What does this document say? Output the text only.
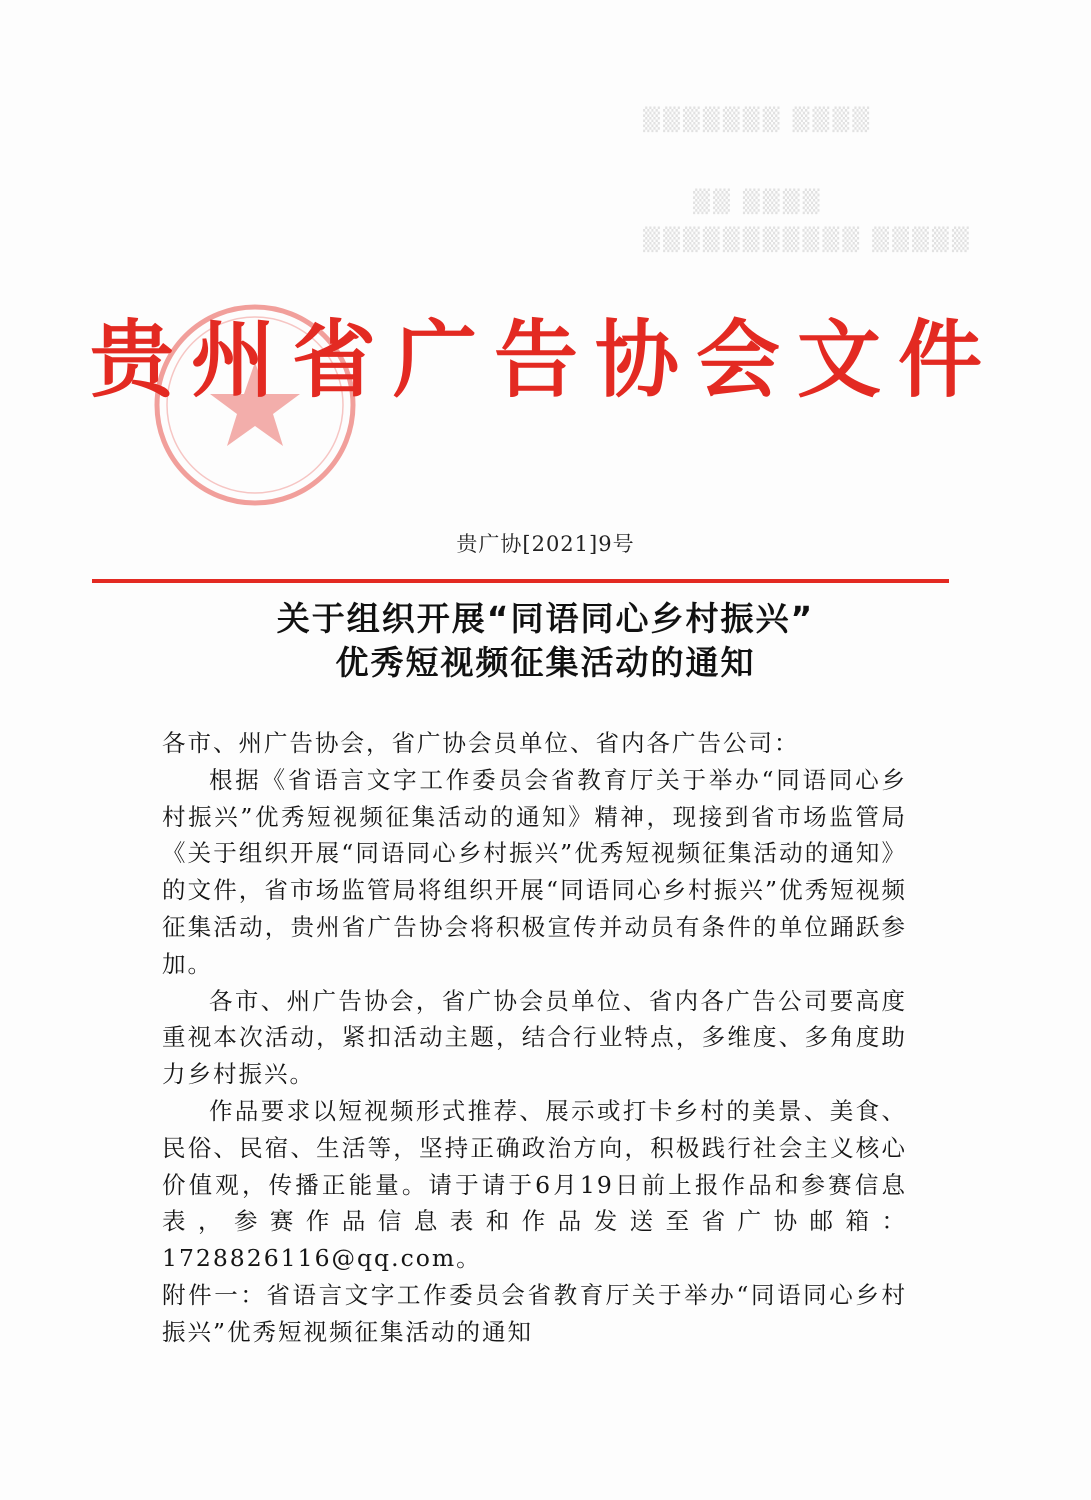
▒▒▒▒ ▒▒▒▒▒▒▒
▒▒▒▒ ▒▒
▒▒▒▒▒ ▒▒▒▒▒▒▒▒▒▒▒
贵州省广告协会文件
贵广协[2021]9号
关于组织开展“同语同心乡村振兴”
优秀短视频征集活动的通知

各市、州广告协会，省广协会员单位、省内各广告公司：

根据《省语言文字工作委员会省教育厅关于举办“同语同心乡村振兴”优秀短视频征集活动的通知》精神，现接到省市场监管局《关于组织开展“同语同心乡村振兴”优秀短视频征集活动的通知》的文件，省市场监管局将组织开展“同语同心乡村振兴”优秀短视频征集活动，贵州省广告协会将积极宣传并动员有条件的单位踊跃参加。

各市、州广告协会，省广协会员单位、省内各广告公司要高度重视本次活动，紧扣活动主题，结合行业特点，多维度、多角度助力乡村振兴。

作品要求以短视频形式推荐、展示或打卡乡村的美景、美食、民俗、民宿、生活等，坚持正确政治方向，积极践行社会主义核心价值观，传播正能量。请于请于6月19日前上报作品和参赛信息表，参赛作品信息表和作品发送至省广协邮箱：1728826116@qq.com。

附件一：省语言文字工作委员会省教育厅关于举办“同语同心乡村振兴”优秀短视频征集活动的通知
